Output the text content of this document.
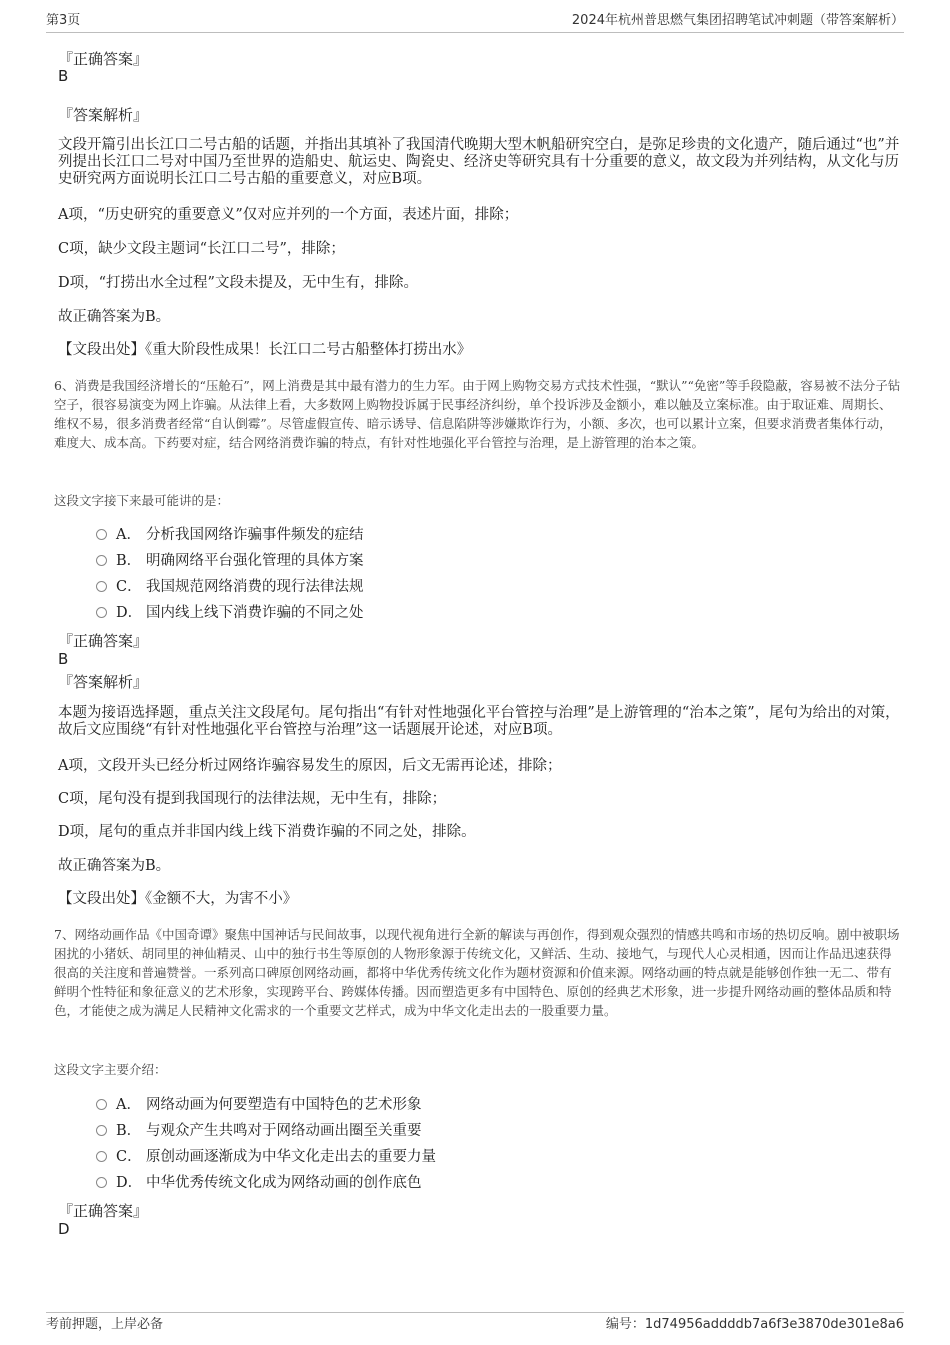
第3页	2024年杭州普思燃气集团招聘笔试冲刺题（带答案解析）
『正确答案』
B
『答案解析』
文段开篇引出长江口二号古船的话题，并指出其填补了我国清代晚期大型木帆船研究空白，是弥足珍贵的文化遗产，随后通过“也”并列提出长江口二号对中国乃至世界的造船史、航运史、陶瓷史、经济史等研究具有十分重要的意义，故文段为并列结构，从文化与历史研究两方面说明长江口二号古船的重要意义，对应B项。
A项，“历史研究的重要意义”仅对应并列的一个方面，表述片面，排除；
C项，缺少文段主题词“长江口二号”，排除；
D项，“打捞出水全过程”文段未提及，无中生有，排除。
故正确答案为B。
【文段出处】《重大阶段性成果！长江口二号古船整体打捞出水》
6、消费是我国经济增长的“压舱石”，网上消费是其中最有潜力的生力军。由于网上购物交易方式技术性强，“默认”“免密”等手段隐蔽，容易被不法分子钻空子，很容易演变为网上诈骗。从法律上看，大多数网上购物投诉属于民事经济纠纷，单个投诉涉及金额小，难以触及立案标准。由于取证难、周期长、维权不易，很多消费者经常“自认倒霉”。尽管虚假宣传、暗示诱导、信息陷阱等涉嫌欺诈行为，小额、多次，也可以累计立案，但要求消费者集体行动，难度大、成本高。下药要对症，结合网络消费诈骗的特点，有针对性地强化平台管控与治理，是上游管理的治本之策。
这段文字接下来最可能讲的是：
A． 分析我国网络诈骗事件频发的症结
B． 明确网络平台强化管理的具体方案
C． 我国规范网络消费的现行法律法规
D． 国内线上线下消费诈骗的不同之处
『正确答案』
B
『答案解析』
本题为接语选择题，重点关注文段尾句。尾句指出“有针对性地强化平台管控与治理”是上游管理的“治本之策”，尾句为给出的对策，故后文应围绕“有针对性地强化平台管控与治理”这一话题展开论述，对应B项。
A项，文段开头已经分析过网络诈骗容易发生的原因，后文无需再论述，排除；
C项，尾句没有提到我国现行的法律法规，无中生有，排除；
D项，尾句的重点并非国内线上线下消费诈骗的不同之处，排除。
故正确答案为B。
【文段出处】《金额不大，为害不小》
7、网络动画作品《中国奇谭》聚焦中国神话与民间故事，以现代视角进行全新的解读与再创作，得到观众强烈的情感共鸣和市场的热切反响。剧中被职场困扰的小猪妖、胡同里的神仙精灵、山中的独行书生等原创的人物形象源于传统文化，又鲜活、生动、接地气，与现代人心灵相通，因而让作品迅速获得很高的关注度和普遍赞誉。一系列高口碑原创网络动画，都将中华优秀传统文化作为题材资源和价值来源。网络动画的特点就是能够创作独一无二、带有鲜明个性特征和象征意义的艺术形象，实现跨平台、跨媒体传播。因而塑造更多有中国特色、原创的经典艺术形象，进一步提升网络动画的整体品质和特色，才能使之成为满足人民精神文化需求的一个重要文艺样式，成为中华文化走出去的一股重要力量。
这段文字主要介绍：
A． 网络动画为何要塑造有中国特色的艺术形象
B． 与观众产生共鸣对于网络动画出圈至关重要
C． 原创动画逐渐成为中华文化走出去的重要力量
D． 中华优秀传统文化成为网络动画的创作底色
『正确答案』
D
考前押题，上岸必备	编号：1d74956addddb7a6f3e3870de301e8a6
